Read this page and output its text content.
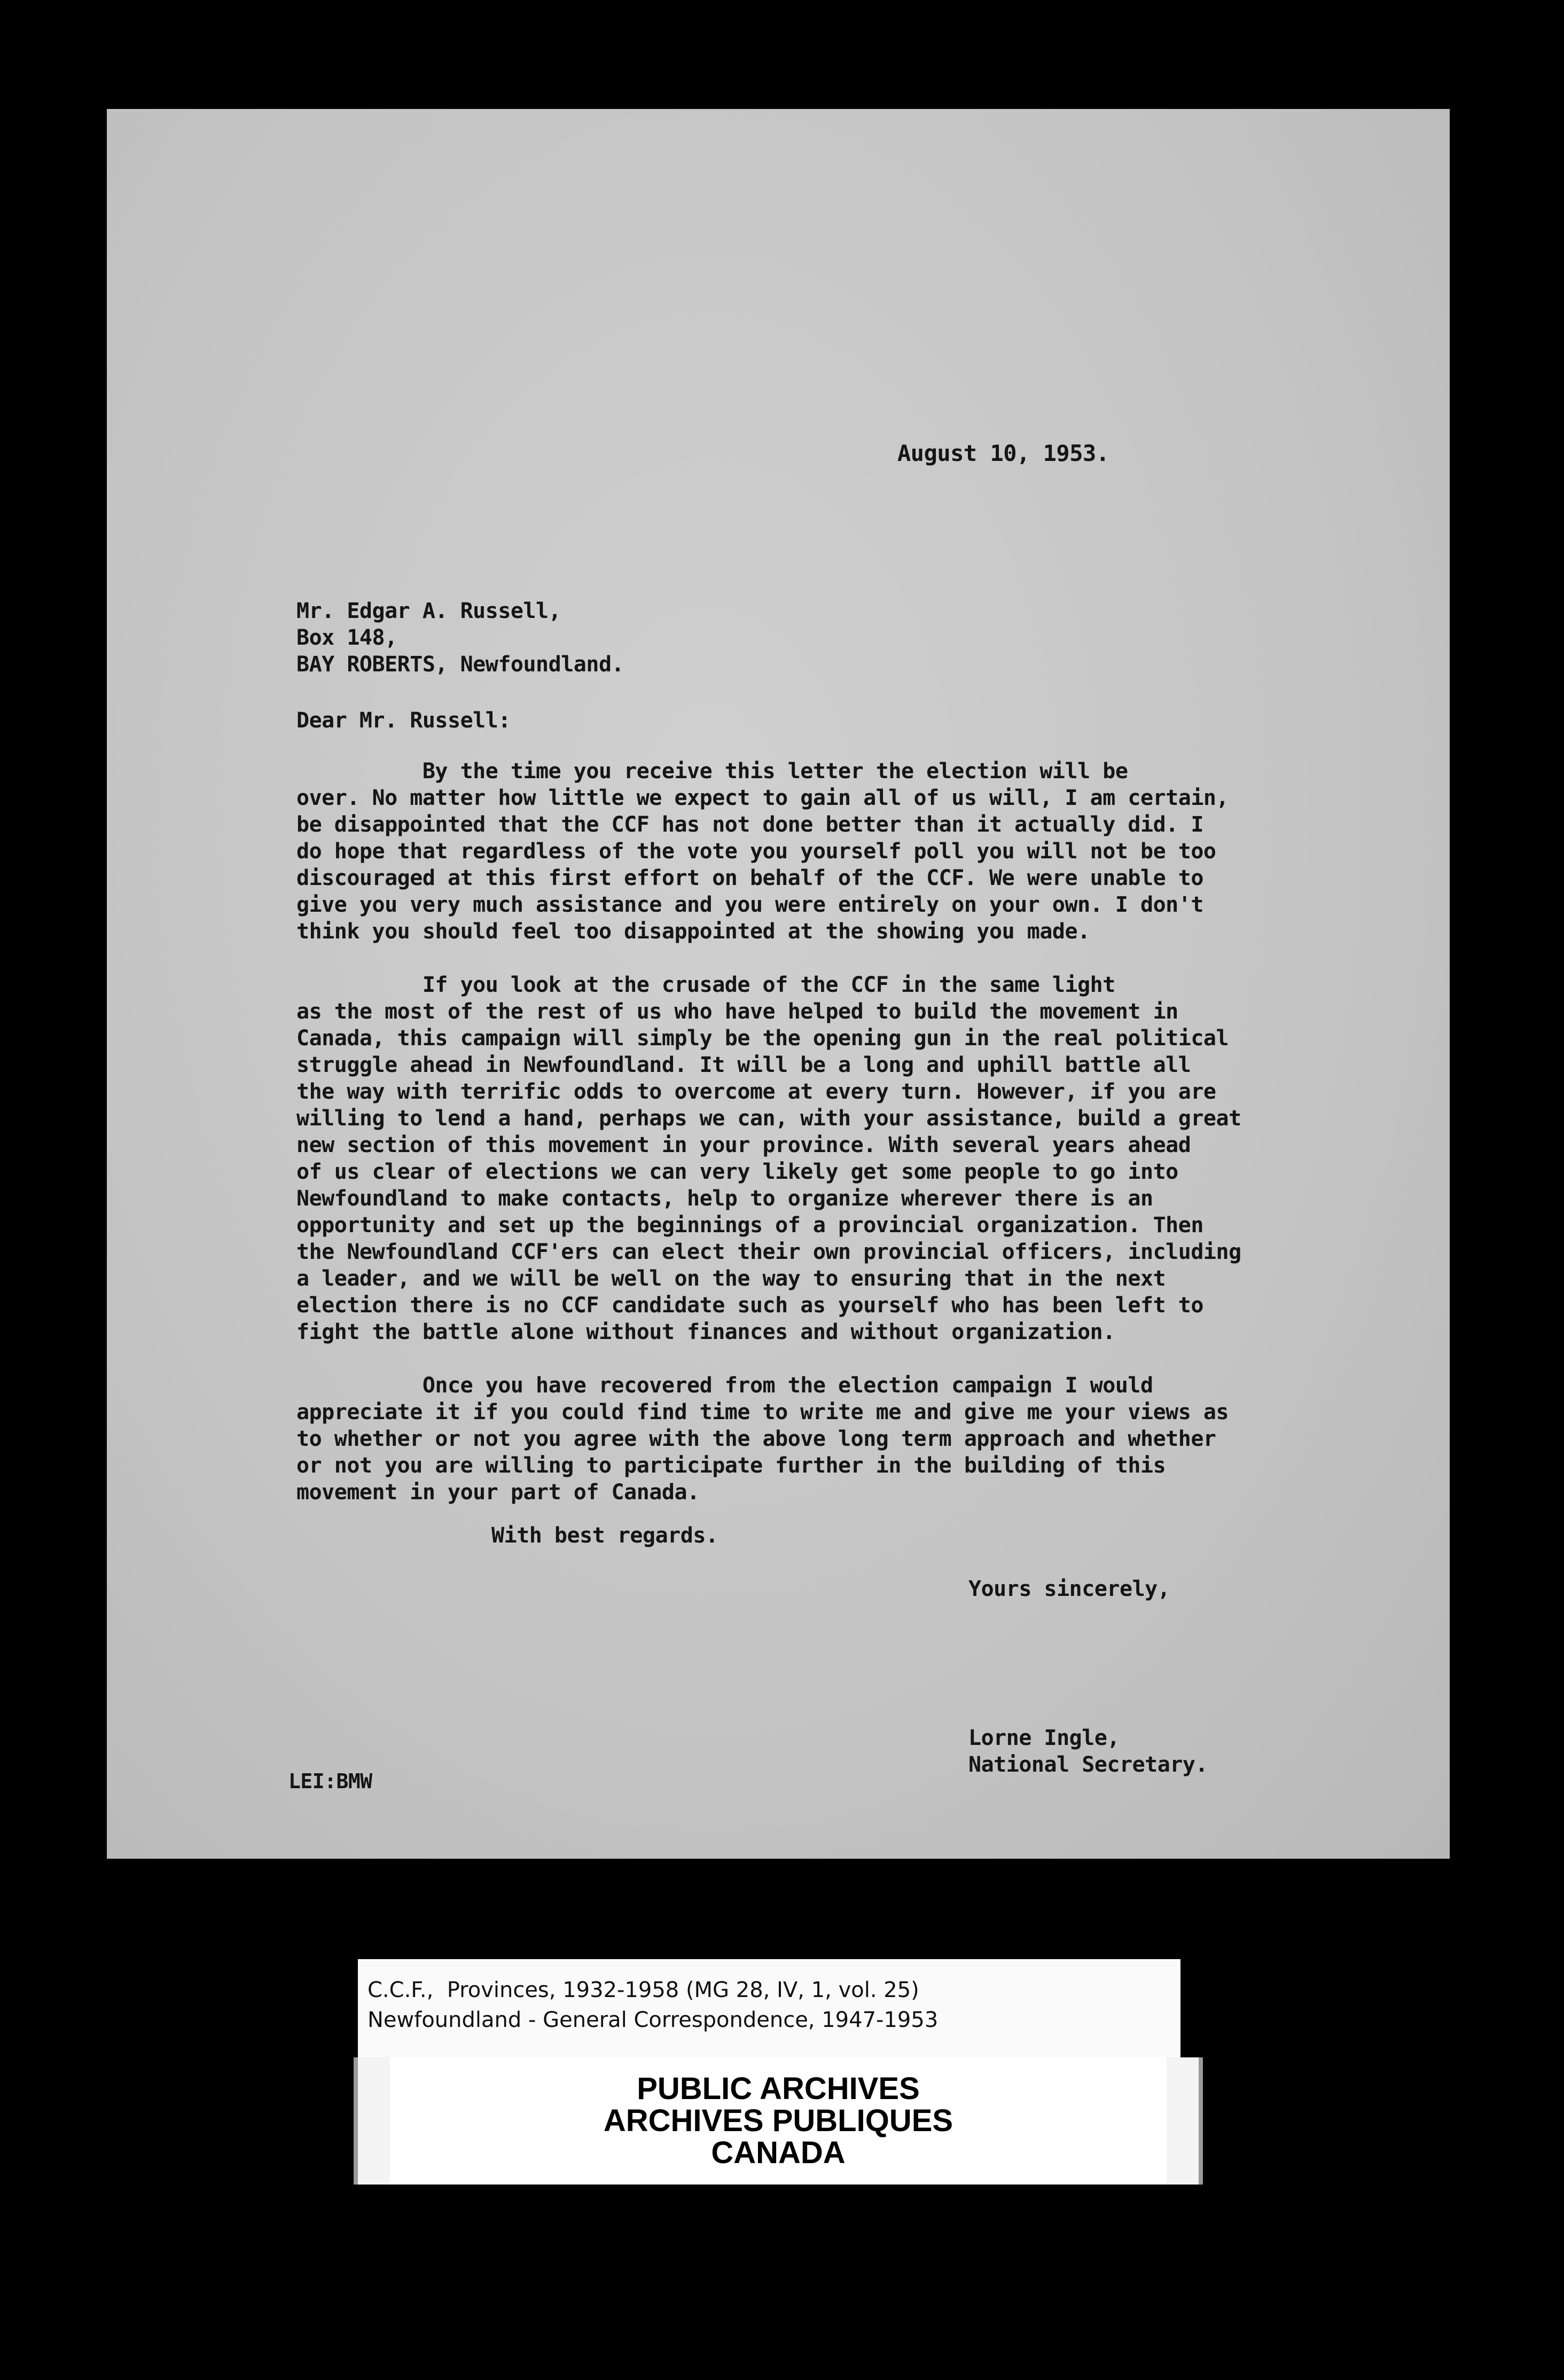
August 10, 1953.

Mr. Edgar A. Russell,
Box 148,
BAY ROBERTS, Newfoundland.

Dear Mr. Russell:

By the time you receive this letter the election will be
over. No matter how little we expect to gain all of us will, I am certain,
be disappointed that the CCF has not done better than it actually did. I
do hope that regardless of the vote you yourself poll you will not be too
discouraged at this first effort on behalf of the CCF. We were unable to
give you very much assistance and you were entirely on your own. I don't
think you should feel too disappointed at the showing you made.
If you look at the crusade of the CCF in the same light
as the most of the rest of us who have helped to build the movement in
Canada, this campaign will simply be the opening gun in the real political
struggle ahead in Newfoundland. It will be a long and uphill battle all
the way with terrific odds to overcome at every turn. However, if you are
willing to lend a hand, perhaps we can, with your assistance, build a great
new section of this movement in your province. With several years ahead
of us clear of elections we can very likely get some people to go into
Newfoundland to make contacts, help to organize wherever there is an
opportunity and set up the beginnings of a provincial organization. Then
the Newfoundland CCF'ers can elect their own provincial officers, including
a leader, and we will be well on the way to ensuring that in the next
election there is no CCF candidate such as yourself who has been left to
fight the battle alone without finances and without organization.
Once you have recovered from the election campaign I would
appreciate it if you could find time to write me and give me your views as
to whether or not you agree with the above long term approach and whether
or not you are willing to participate further in the building of this
movement in your part of Canada.

With best regards.

Yours sincerely,

Lorne Ingle,
National Secretary.

LEI:BMW

C.C.F.,  Provinces, 1932-1958 (MG 28, IV, 1, vol. 25)

Newfoundland - General Correspondence, 1947-1953

PUBLIC ARCHIVES

ARCHIVES PUBLIQUES

CANADA
